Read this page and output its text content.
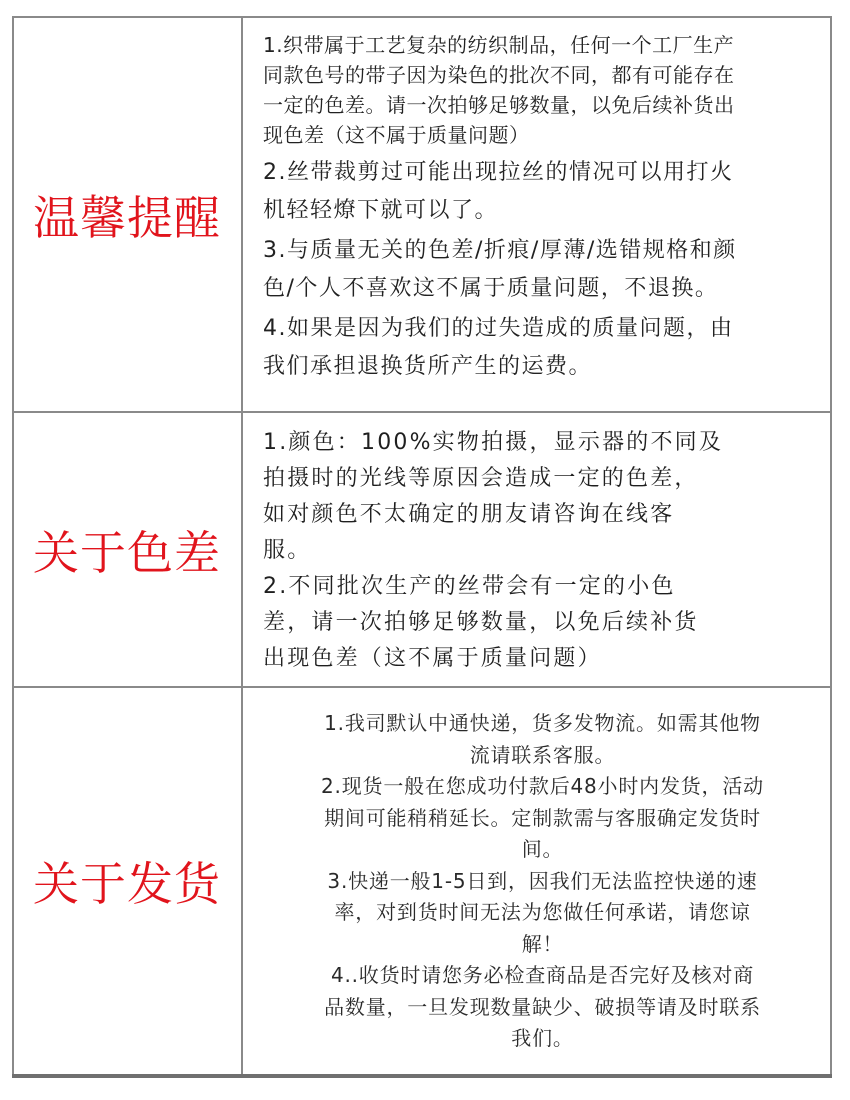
温馨提醒

1.织带属于工艺复杂的纺织制品，任何一个工厂生产
同款色号的带子因为染色的批次不同，都有可能存在
一定的色差。请一次拍够足够数量，以免后续补货出
现色差（这不属于质量问题）

2.丝带裁剪过可能出现拉丝的情况可以用打火
机轻轻燎下就可以了。

3.与质量无关的色差/折痕/厚薄/选错规格和颜
色/个人不喜欢这不属于质量问题，不退换。

4.如果是因为我们的过失造成的质量问题，由
我们承担退换货所产生的运费。

关于色差

1.颜色：100%实物拍摄，显示器的不同及
拍摄时的光线等原因会造成一定的色差，
如对颜色不太确定的朋友请咨询在线客
服。

2.不同批次生产的丝带会有一定的小色
差，请一次拍够足够数量，以免后续补货
出现色差（这不属于质量问题）

关于发货

1.我司默认中通快递，货多发物流。如需其他物
流请联系客服。

2.现货一般在您成功付款后48小时内发货，活动
期间可能稍稍延长。定制款需与客服确定发货时
间。

3.快递一般1-5日到，因我们无法监控快递的速
率，对到货时间无法为您做任何承诺，请您谅
解！

4..收货时请您务必检查商品是否完好及核对商
品数量，一旦发现数量缺少、破损等请及时联系
我们。
